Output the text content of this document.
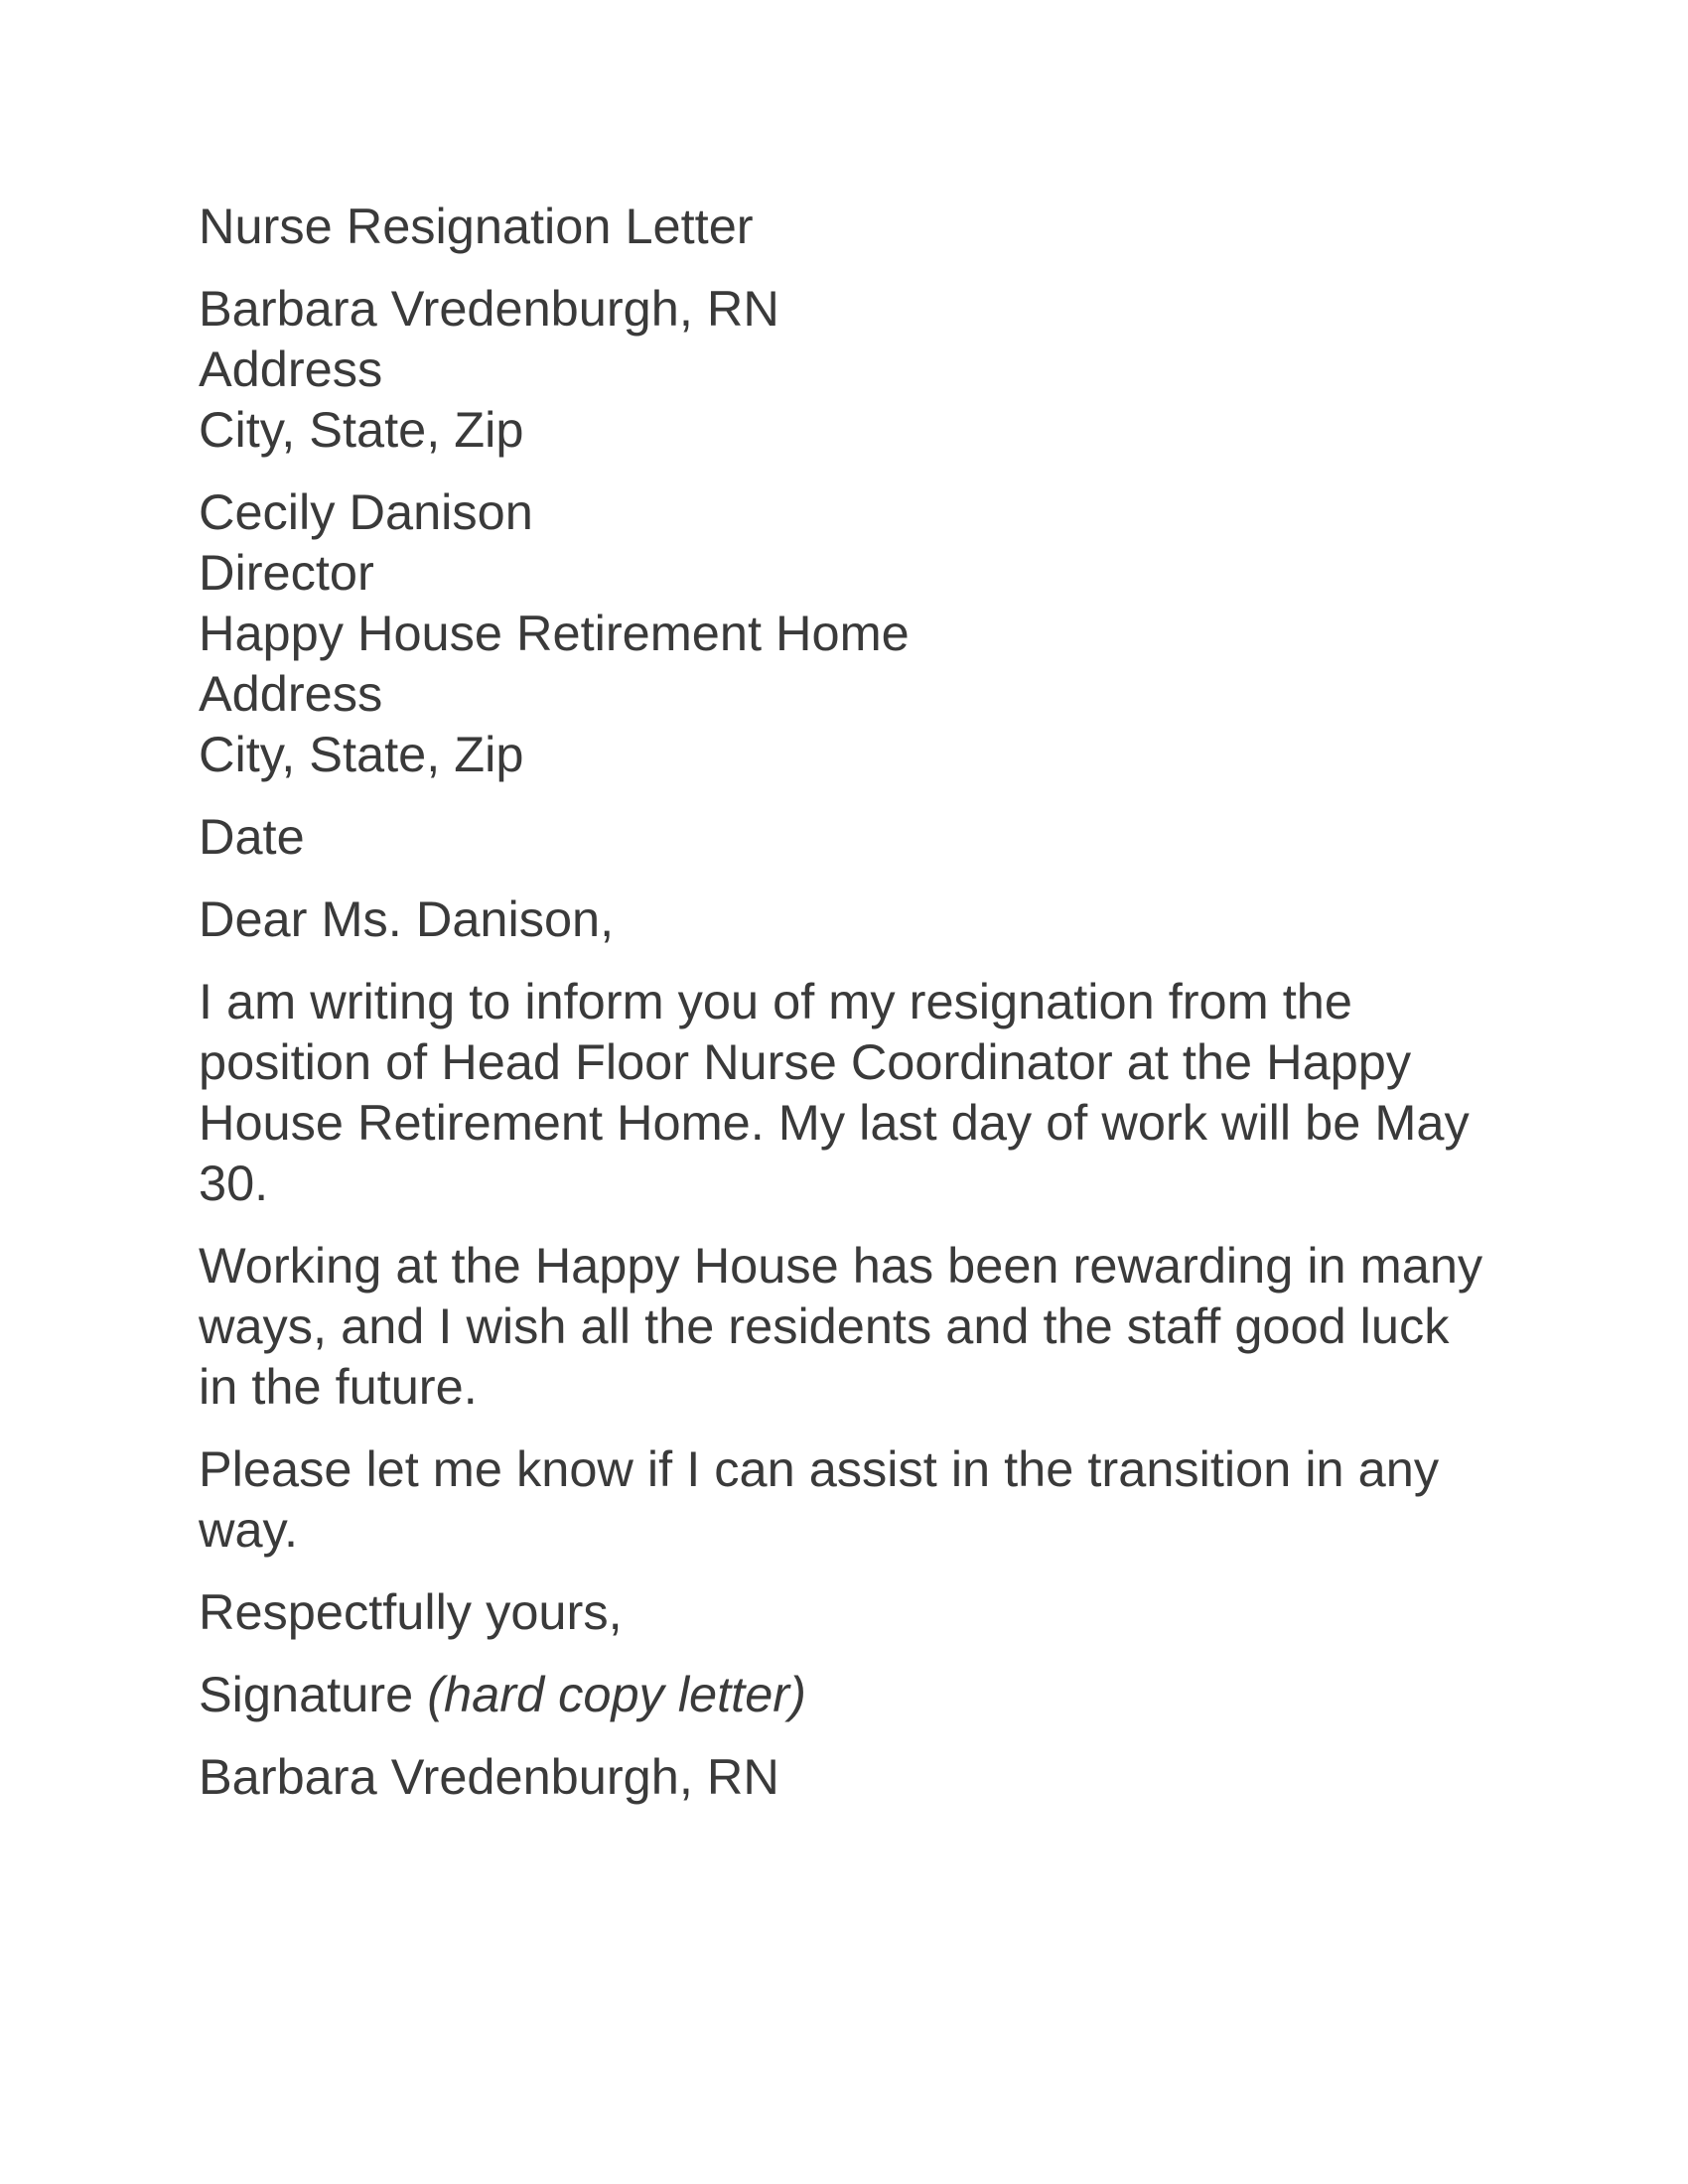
Nurse Resignation Letter
Barbara Vredenburgh, RN
Address
City, State, Zip
Cecily Danison
Director
Happy House Retirement Home
Address
City, State, Zip
Date
Dear Ms. Danison,

I am writing to inform you of my resignation from the position of Head Floor Nurse Coordinator at the Happy House Retirement Home. My last day of work will be May 30.

Working at the Happy House has been rewarding in many ways, and I wish all the residents and the staff good luck in the future.

Please let me know if I can assist in the transition in any way.

Respectfully yours,
Signature (hard copy letter)
Barbara Vredenburgh, RN
